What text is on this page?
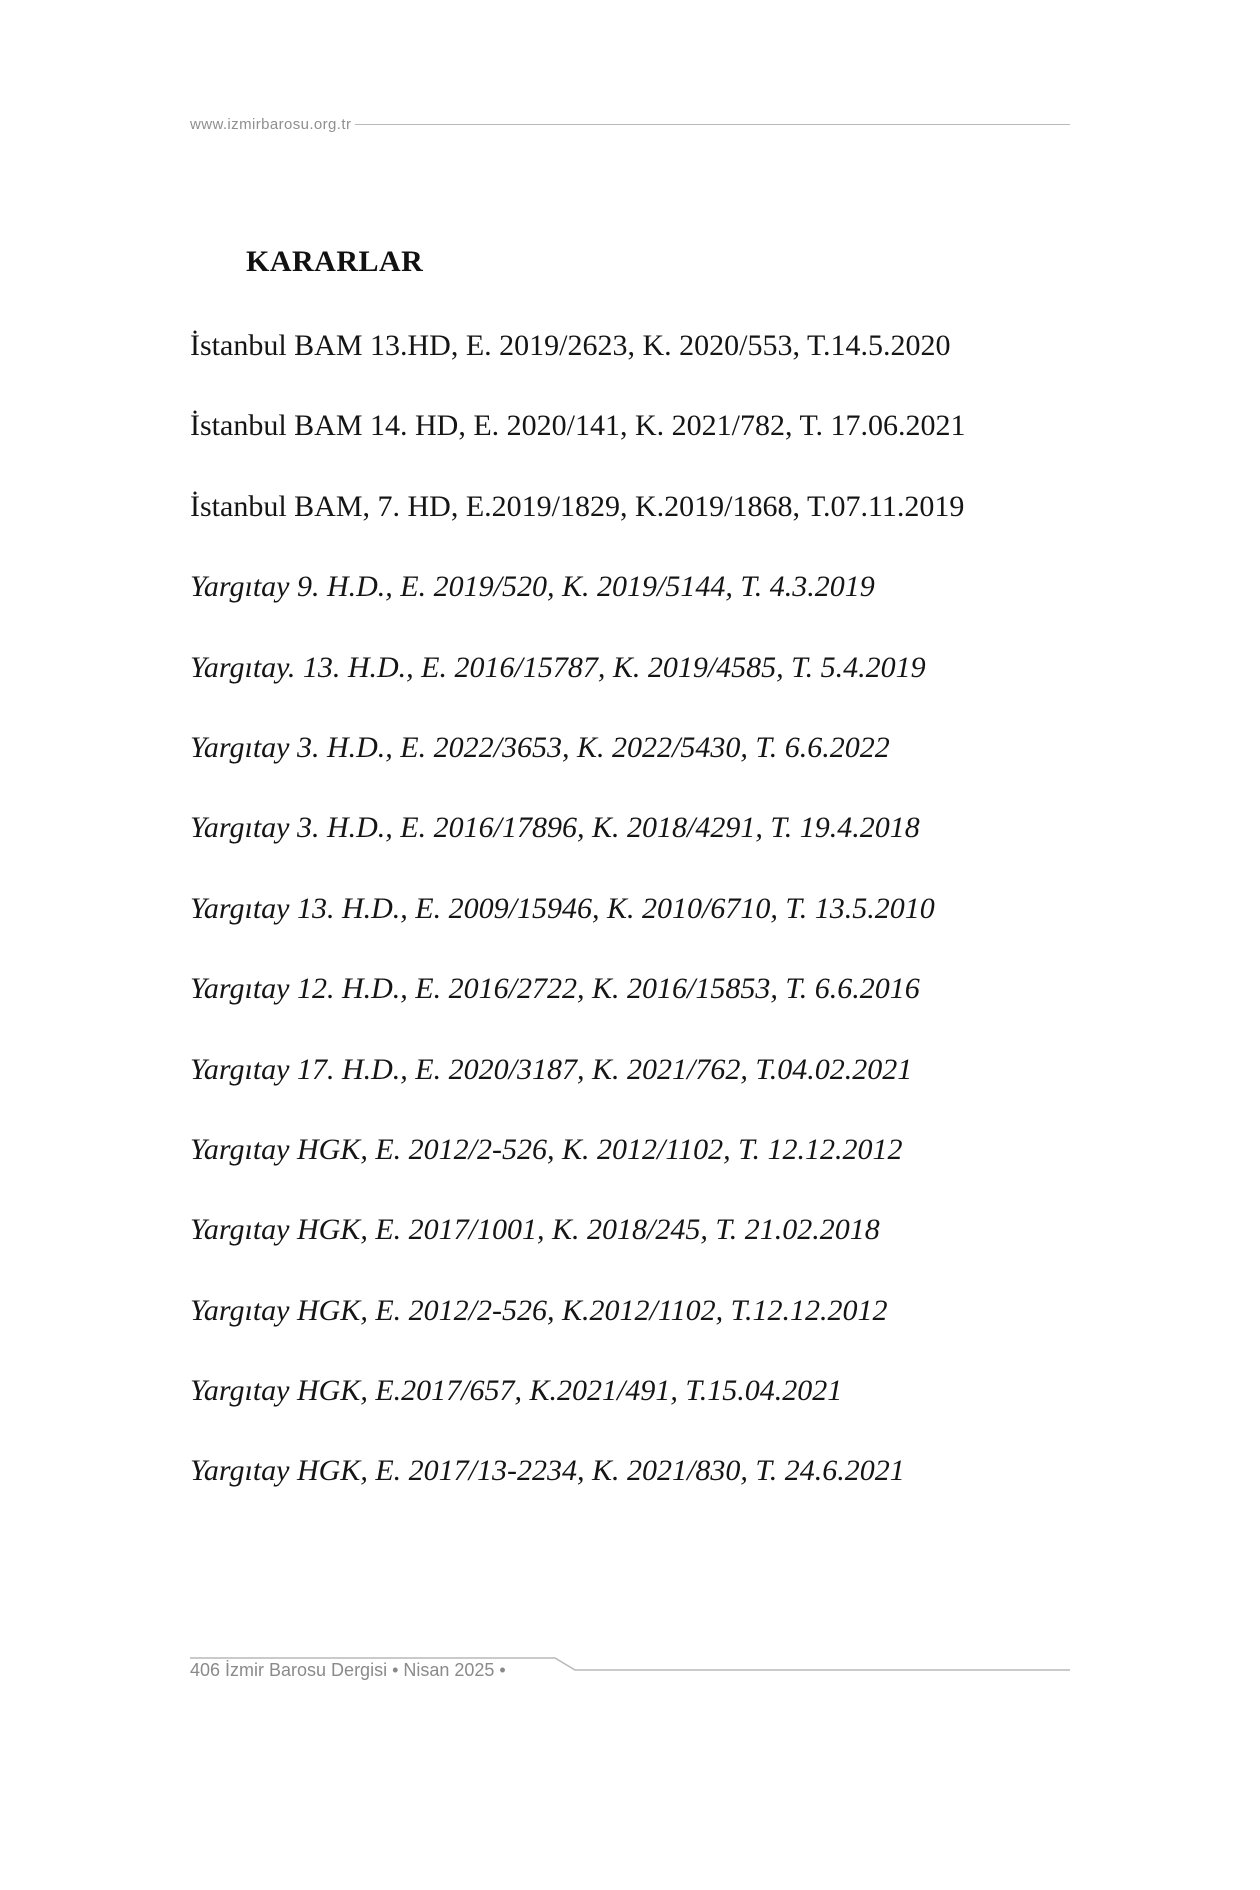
www.izmirbarosu.org.tr
KARARLAR
İstanbul BAM 13.HD, E. 2019/2623, K. 2020/553, T.14.5.2020
İstanbul BAM 14. HD, E. 2020/141, K. 2021/782, T. 17.06.2021
İstanbul BAM, 7. HD, E.2019/1829, K.2019/1868, T.07.11.2019
Yargıtay 9. H.D., E. 2019/520, K. 2019/5144, T. 4.3.2019
Yargıtay. 13. H.D., E. 2016/15787, K. 2019/4585, T. 5.4.2019
Yargıtay 3. H.D., E. 2022/3653, K. 2022/5430, T. 6.6.2022
Yargıtay 3. H.D., E. 2016/17896, K. 2018/4291, T. 19.4.2018
Yargıtay 13. H.D., E. 2009/15946, K. 2010/6710, T. 13.5.2010
Yargıtay 12. H.D., E. 2016/2722, K. 2016/15853, T. 6.6.2016
Yargıtay 17. H.D., E. 2020/3187, K. 2021/762, T.04.02.2021
Yargıtay HGK, E. 2012/2-526, K. 2012/1102, T. 12.12.2012
Yargıtay HGK, E. 2017/1001, K. 2018/245, T. 21.02.2018
Yargıtay HGK, E. 2012/2-526, K.2012/1102, T.12.12.2012
Yargıtay HGK, E.2017/657, K.2021/491, T.15.04.2021
Yargıtay HGK, E. 2017/13-2234, K. 2021/830, T. 24.6.2021
406 İzmir Barosu Dergisi • Nisan 2025 •
